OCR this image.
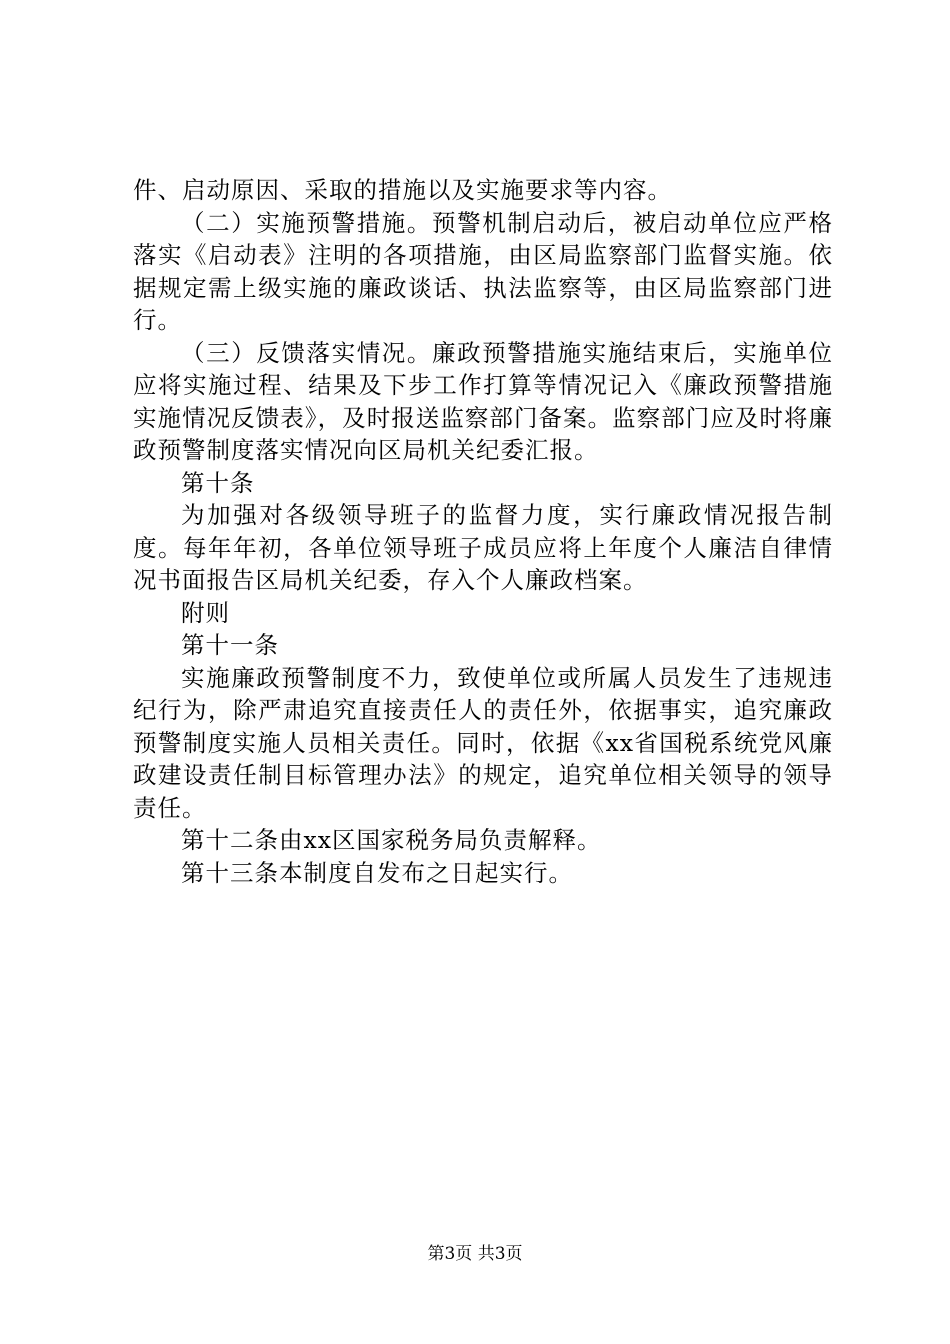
件、启动原因、采取的措施以及实施要求等内容。

（二）实施预警措施。预警机制启动后，被启动单位应严格落实《启动表》注明的各项措施，由区局监察部门监督实施。依据规定需上级实施的廉政谈话、执法监察等，由区局监察部门进行。

（三）反馈落实情况。廉政预警措施实施结束后，实施单位应将实施过程、结果及下步工作打算等情况记入《廉政预警措施实施情况反馈表》，及时报送监察部门备案。监察部门应及时将廉政预警制度落实情况向区局机关纪委汇报。

第十条

为加强对各级领导班子的监督力度，实行廉政情况报告制度。每年年初，各单位领导班子成员应将上年度个人廉洁自律情况书面报告区局机关纪委，存入个人廉政档案。

附则

第十一条

实施廉政预警制度不力，致使单位或所属人员发生了违规违纪行为，除严肃追究直接责任人的责任外，依据事实，追究廉政预警制度实施人员相关责任。同时，依据《xx省国税系统党风廉政建设责任制目标管理办法》的规定，追究单位相关领导的领导责任。

第十二条由xx区国家税务局负责解释。

第十三条本制度自发布之日起实行。

第3页 共3页
